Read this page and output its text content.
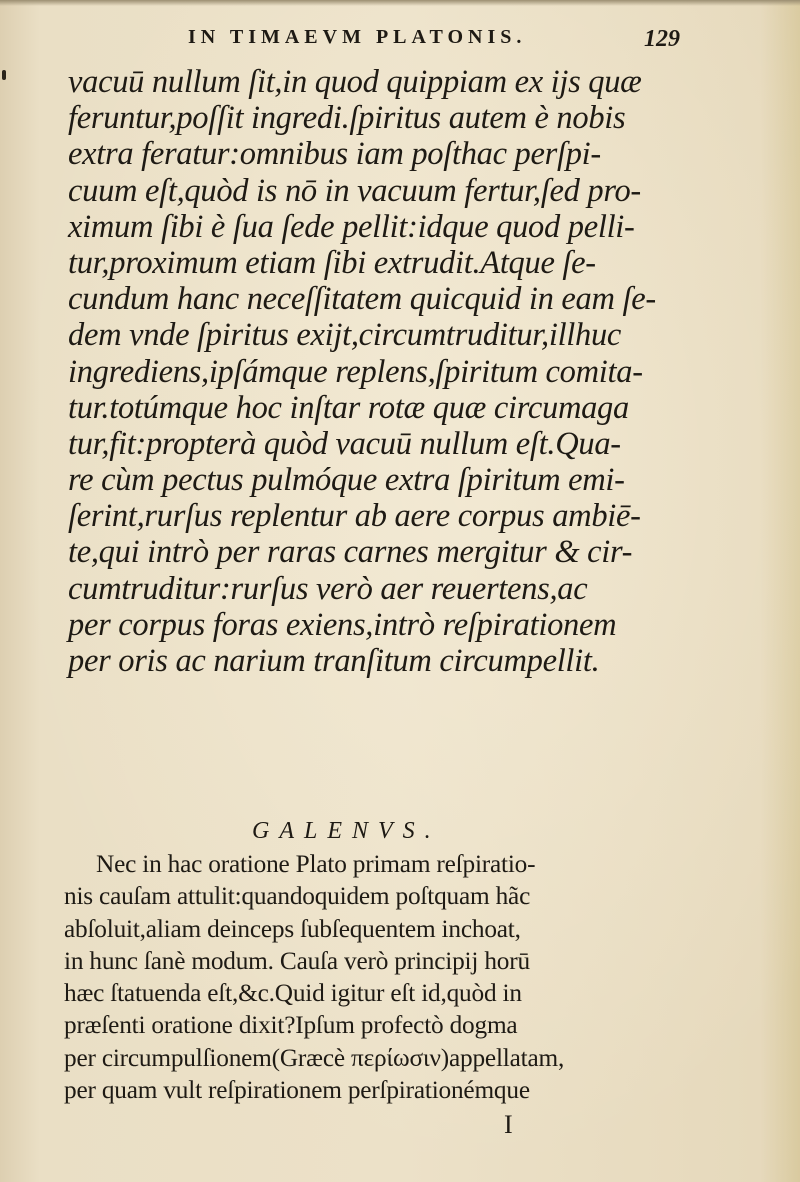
IN TIMAEVM PLATONIS.	129
vacuū nullum ſit,in quod quippiam ex ijs quæ
feruntur,poſſit ingredi.ſpiritus autem è nobis
extra feratur:omnibus iam poſthac perſpi-
cuum eſt,quòd is nō in vacuum fertur,ſed pro-
ximum ſibi è ſua ſede pellit:idque quod pelli-
tur,proximum etiam ſibi extrudit.Atque ſe-
cundum hanc neceſſitatem quicquid in eam ſe-
dem vnde ſpiritus exijt,circumtruditur,illhuc
ingrediens,ipſámque replens,ſpiritum comita-
tur.totúmque hoc inſtar rotæ quæ circumaga
tur,fit:propterà quòd vacuū nullum eſt.Qua-
re cùm pectus pulmóque extra ſpiritum emi-
ſerint,rurſus replentur ab aere corpus ambiē-
te,qui intrò per raras carnes mergitur & cir-
cumtruditur:rurſus verò aer reuertens,ac
per corpus foras exiens,intrò reſpirationem
per oris ac narium tranſitum circumpellit.
GALENVS.
Nec in hac oratione Plato primam reſpiratio-
nis cauſam attulit:quandoquidem poſtquam hãc
abſoluit,aliam deinceps ſubſequentem inchoat,
in hunc ſanè modum. Cauſa verò principij horū
hæc ſtatuenda eſt,&c.Quid igitur eſt id,quòd in
præſenti oratione dixit?Ipſum profectò dogma
per circumpulſionem(Græcè περίωσιν)appellatam,
per quam vult reſpirationem perſpirationémque
I
